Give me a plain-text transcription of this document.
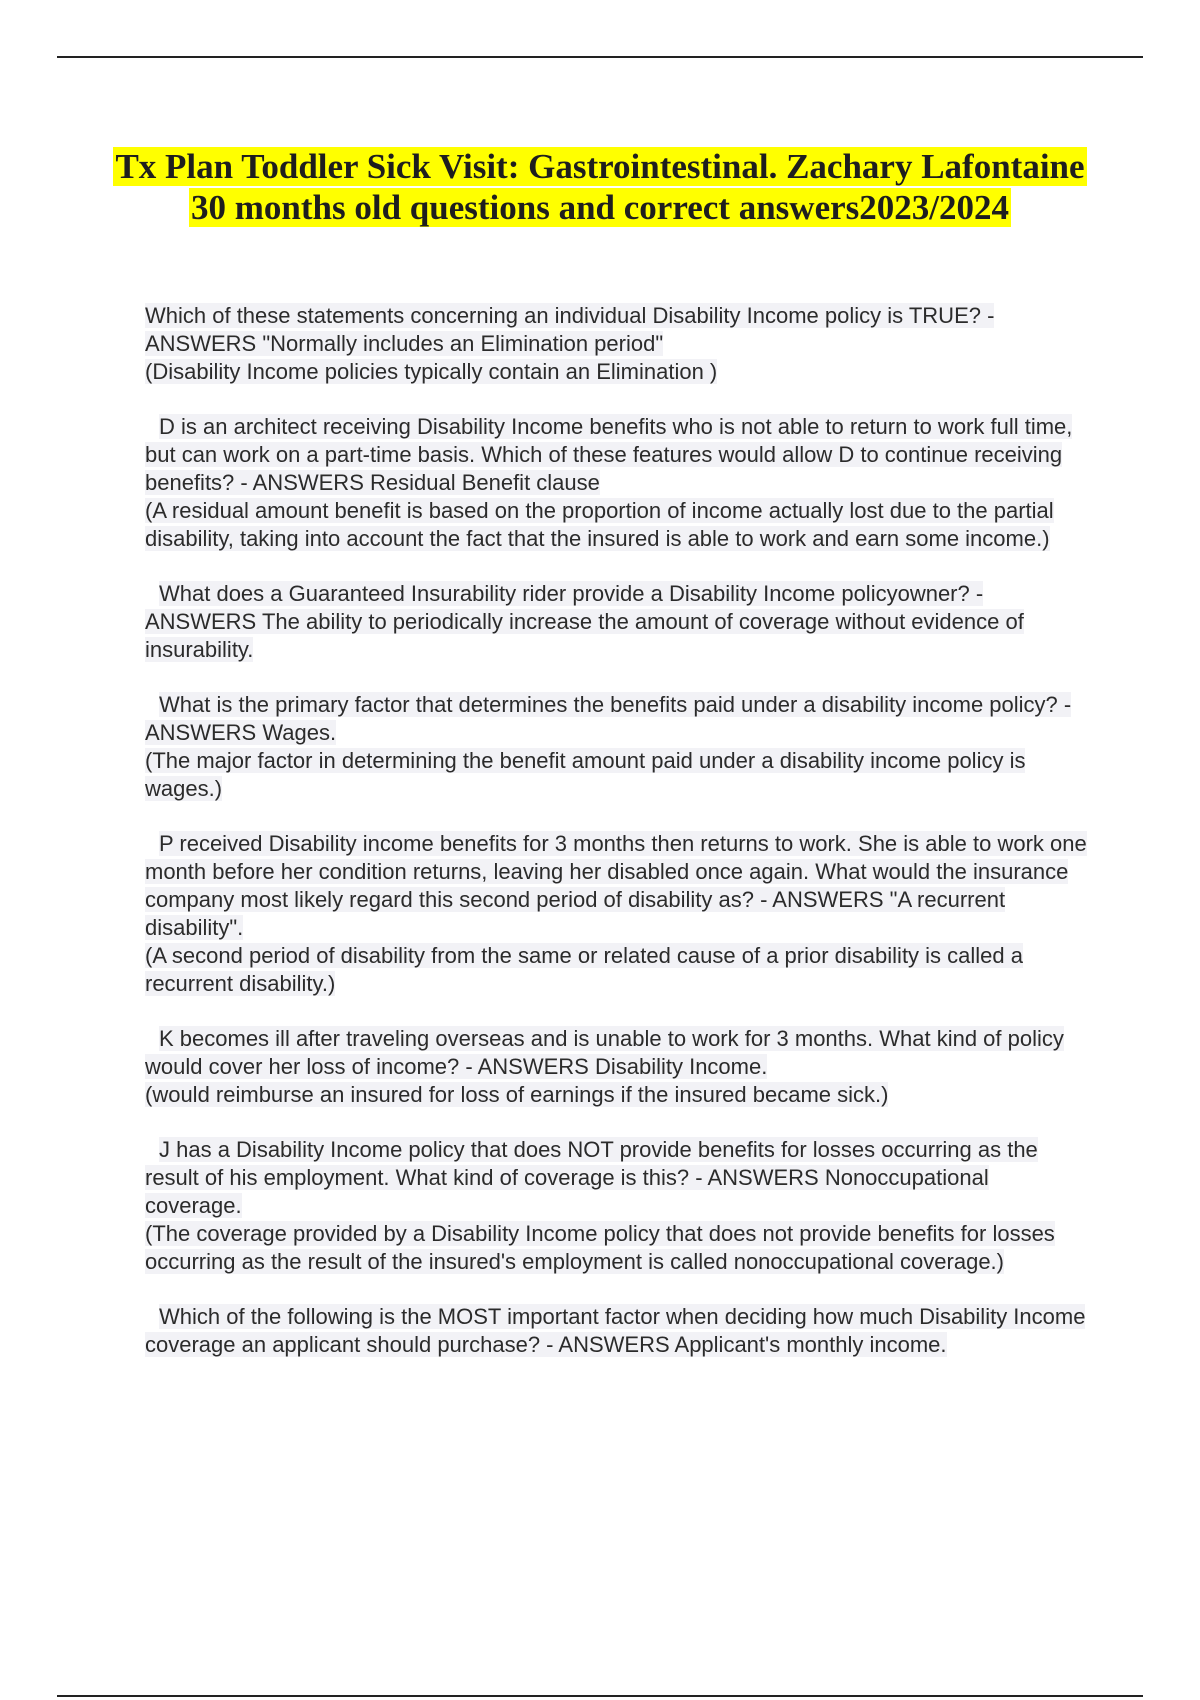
Tx Plan Toddler Sick Visit: Gastrointestinal. Zachary Lafontaine 30 months old questions and correct answers2023/2024
Which of these statements concerning an individual Disability Income policy is TRUE? - ANSWERS "Normally includes an Elimination period"
(Disability Income policies typically contain an Elimination )
D is an architect receiving Disability Income benefits who is not able to return to work full time, but can work on a part-time basis. Which of these features would allow D to continue receiving benefits? - ANSWERS Residual Benefit clause
(A residual amount benefit is based on the proportion of income actually lost due to the partial disability, taking into account the fact that the insured is able to work and earn some income.)
What does a Guaranteed Insurability rider provide a Disability Income policyowner? - ANSWERS The ability to periodically increase the amount of coverage without evidence of insurability.
What is the primary factor that determines the benefits paid under a disability income policy? - ANSWERS Wages.
(The major factor in determining the benefit amount paid under a disability income policy is wages.)
P received Disability income benefits for 3 months then returns to work. She is able to work one month before her condition returns, leaving her disabled once again. What would the insurance company most likely regard this second period of disability as? - ANSWERS "A recurrent disability".
(A second period of disability from the same or related cause of a prior disability is called a recurrent disability.)
K becomes ill after traveling overseas and is unable to work for 3 months. What kind of policy would cover her loss of income? - ANSWERS Disability Income.
(would reimburse an insured for loss of earnings if the insured became sick.)
J has a Disability Income policy that does NOT provide benefits for losses occurring as the result of his employment. What kind of coverage is this? - ANSWERS Nonoccupational coverage.
(The coverage provided by a Disability Income policy that does not provide benefits for losses occurring as the result of the insured's employment is called nonoccupational coverage.)
Which of the following is the MOST important factor when deciding how much Disability Income coverage an applicant should purchase? - ANSWERS Applicant's monthly income.
